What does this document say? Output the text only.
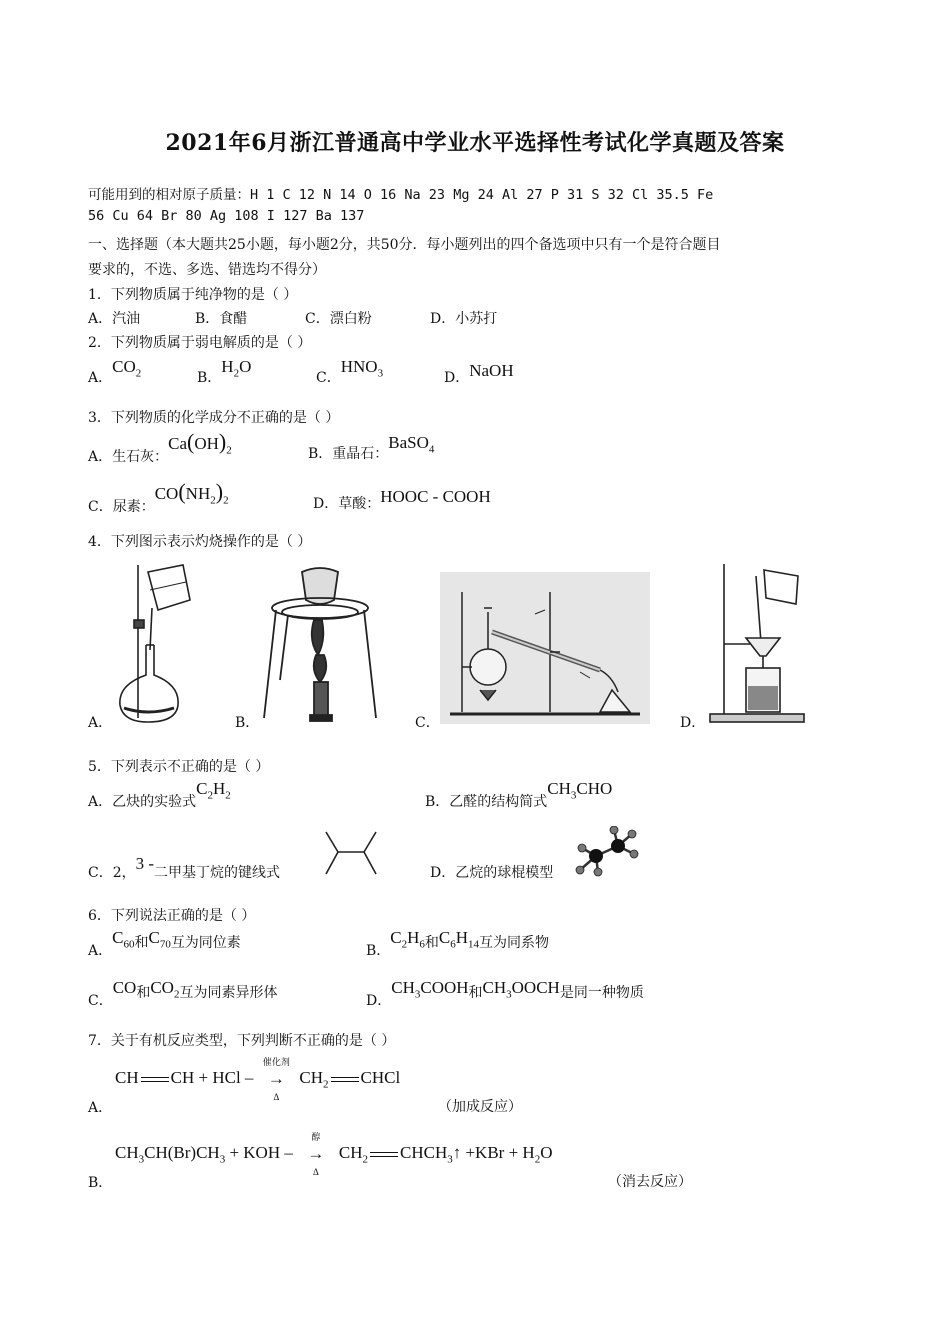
2021年6月浙江普通高中学业水平选择性考试化学真题及答案
可能用到的相对原子质量：H 1 C 12 N 14 O 16 Na 23 Mg 24 Al 27 P 31 S 32 Cl 35.5 Fe
56 Cu 64 Br 80 Ag 108 I 127 Ba 137
一、选择题（本大题共25小题，每小题2分，共50分．每小题列出的四个备选项中只有一个是符合题目
要求的，不选、多选、错选均不得分）
1．下列物质属于纯净物的是（ ）
A．汽油	B．食醋	C．漂白粉	D．小苏打
2．下列物质属于弱电解质的是（ ）
A．$CO_2$	B．$H_2O$
C．$HNO_3$	D．NaOH
3．下列物质的化学成分不正确的是（ ）
A．生石灰：$Ca(OH)_2$	B．重晶石：BaSO$_4$
C．尿素：$CO(NH_2)_2$	D．草酸：HOOC - COOH
4．下列图示表示灼烧操作的是（ ）
A．	B．	C．	D．
5．下列表示不正确的是（ ）
A．乙炔的实验式$C_2H_2$	B．乙醛的结构简式$CH_3CHO$
C．2，3 -二甲基丁烷的键线式	D．乙烷的球棍模型
6．下列说法正确的是（ ）
A．$C_{60}$和$C_{70}$互为同位素	B．$C_2H_6$和$C_6H_{14}$互为同系物
C．CO和$CO_2$互为同素异形体	D．$CH_3COOH$和$CH_3OOCH$是同一种物质
7．关于有机反应类型，下列判断不正确的是（ ）
CH CH + HCl –
催化剂
→
Δ
$CH_2$ CHCl
A．	（加成反应）
$CH_3CH(Br)CH_3$ + KOH –
醇
→
Δ
$CH_2$ $CHCH_3↑ +KBr + H_2O$
B．	（消去反应）
